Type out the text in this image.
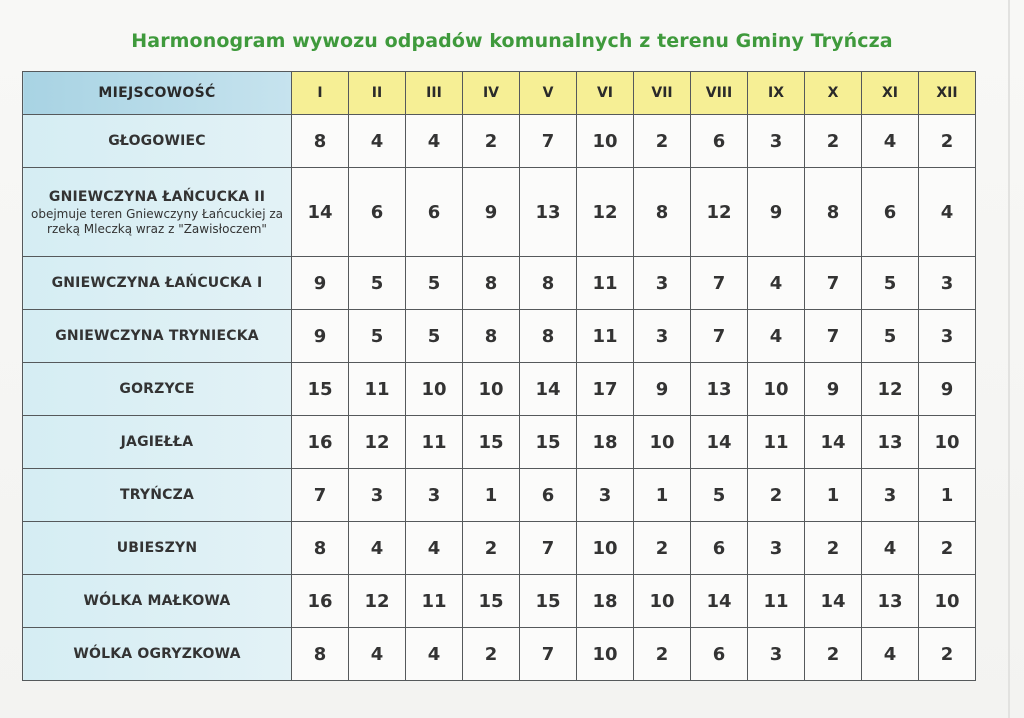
Harmonogram wywozu odpadów komunalnych z terenu Gminy Tryńcza
MIEJSCOWOŚĆ	I	II	III	IV	V	VI	VII	VIII	IX	X	XI	XII

GŁOGOWIEC	8	4	4	2	7	10	2	6	3	2	4	2

GNIEWCZYNA ŁAŃCUCKA II
obejmuje teren Gniewczyny Łańcuckiej za rzeką Mleczką wraz z "Zawisłoczem"	14	6	6	9	13	12	8	12	9	8	6	4

GNIEWCZYNA ŁAŃCUCKA I	9	5	5	8	8	11	3	7	4	7	5	3

GNIEWCZYNA TRYNIECKA	9	5	5	8	8	11	3	7	4	7	5	3

GORZYCE	15	11	10	10	14	17	9	13	10	9	12	9

JAGIEŁŁA	16	12	11	15	15	18	10	14	11	14	13	10

TRYŃCZA	7	3	3	1	6	3	1	5	2	1	3	1

UBIESZYN	8	4	4	2	7	10	2	6	3	2	4	2

WÓLKA MAŁKOWA	16	12	11	15	15	18	10	14	11	14	13	10

WÓLKA OGRYZKOWA	8	4	4	2	7	10	2	6	3	2	4	2
